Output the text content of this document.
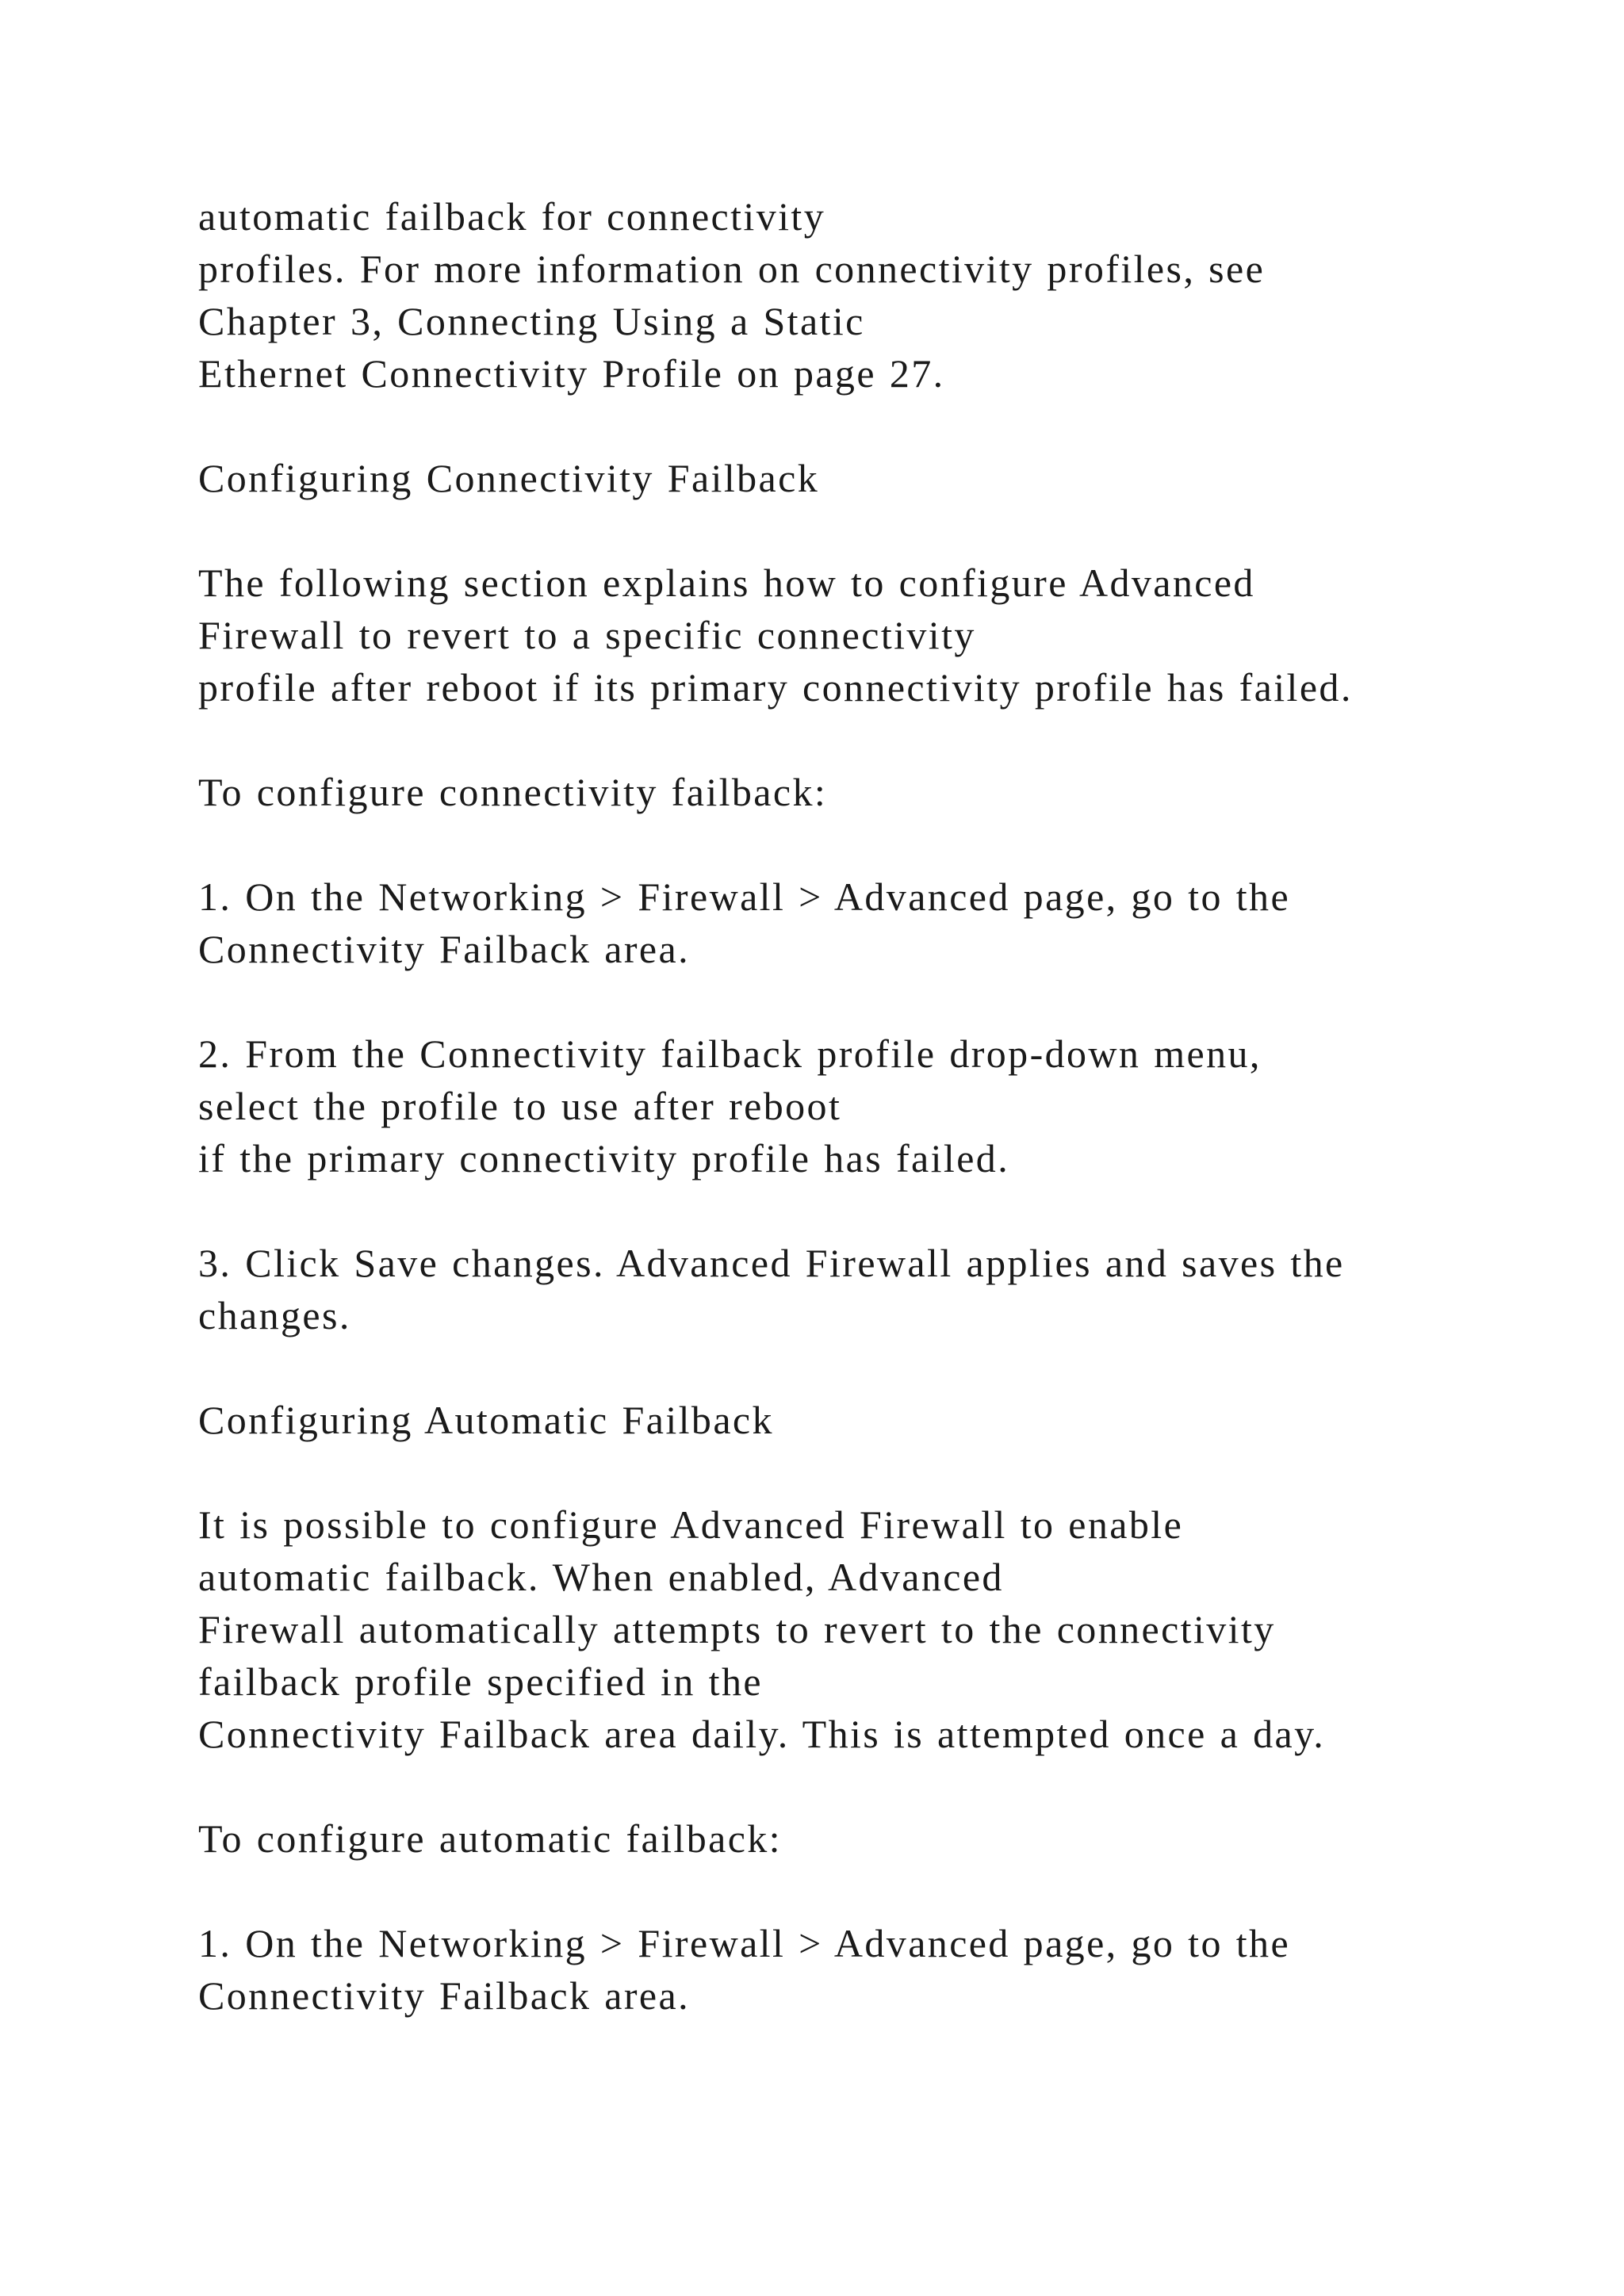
automatic failback for connectivity
profiles. For more information on connectivity profiles, see
Chapter 3, Connecting Using a Static
Ethernet Connectivity Profile on page 27.
Configuring Connectivity Failback
The following section explains how to configure Advanced
Firewall to revert to a specific connectivity
profile after reboot if its primary connectivity profile has failed.
To configure connectivity failback:
1. On the Networking > Firewall > Advanced page, go to the
Connectivity Failback area.
2. From the Connectivity failback profile drop-down menu,
select the profile to use after reboot
if the primary connectivity profile has failed.
3. Click Save changes. Advanced Firewall applies and saves the
changes.
Configuring Automatic Failback
It is possible to configure Advanced Firewall to enable
automatic failback. When enabled, Advanced
Firewall automatically attempts to revert to the connectivity
failback profile specified in the
Connectivity Failback area daily. This is attempted once a day.
To configure automatic failback:
1. On the Networking > Firewall > Advanced page, go to the
Connectivity Failback area.
